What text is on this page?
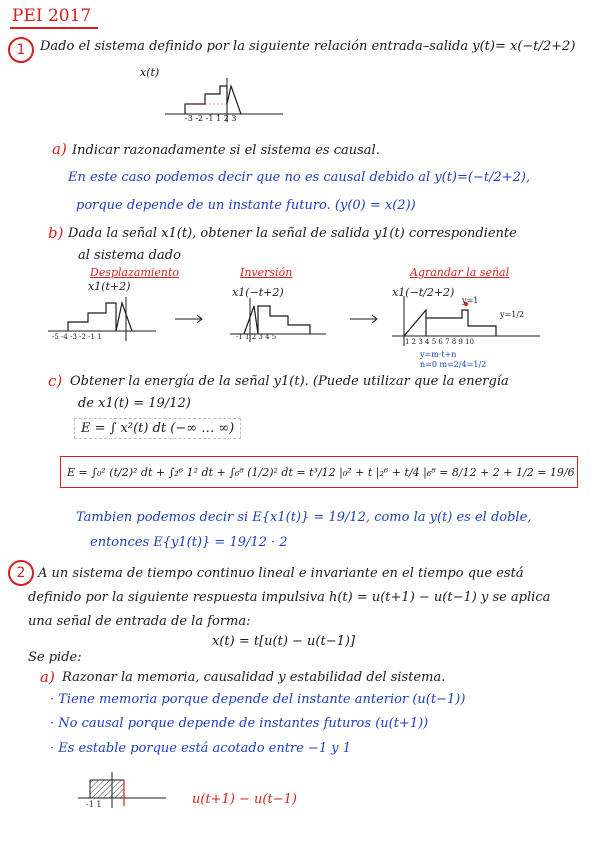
PEI 2017
1	Dado el sistema definido por la siguiente relación entrada–salida y(t)= x(−t/2+2)
x(t)
-3 -2 -1 1 2 3
a) Indicar razonadamente si el sistema es causal.
En este caso podemos decir que no es causal debido al y(t)=(−t/2+2),
porque depende de un instante futuro. (y(0) = x(2))
b) Dada la señal x1(t), obtener la señal de salida y1(t) correspondiente
al sistema dado
Desplazamiento
x1(t+2)
Inversión
x1(−t+2)
Agrandar la señal
x1(−t/2+2)
-5 -4 -3 -2 -1 1	-1 1 2 3 4 5
y=1
y=1/2
1 2 3 4 5 6 7 8 9 10
y=m·t+n
n=0 m=2/4=1/2
c) Obtener la energía de la señal y1(t). (Puede utilizar que la energía
de x1(t) = 19/12)
E = ∫ x²(t) dt (−∞ … ∞)
E = ∫₀² (t/2)² dt + ∫₂⁶ 1² dt + ∫₆⁸ (1/2)² dt = t³/12 |₀² + t |₂⁶ + t/4 |₆⁸ = 8/12 + 2 + 1/2 = 19/6
Tambien podemos decir si E{x1(t)} = 19/12, como la y(t) es el doble,
entonces E{y1(t)} = 19/12 · 2
2 A un sistema de tiempo continuo lineal e invariante en el tiempo que está
definido por la siguiente respuesta impulsiva h(t) = u(t+1) − u(t−1) y se aplica
una señal de entrada de la forma:
x(t) = t[u(t) − u(t−1)]
Se pide:
a) Razonar la memoria, causalidad y estabilidad del sistema.
· Tiene memoria porque depende del instante anterior (u(t−1))
· No causal porque depende de instantes futuros (u(t+1))
· Es estable porque está acotado entre −1 y 1
-1 1	u(t+1) − u(t−1)
